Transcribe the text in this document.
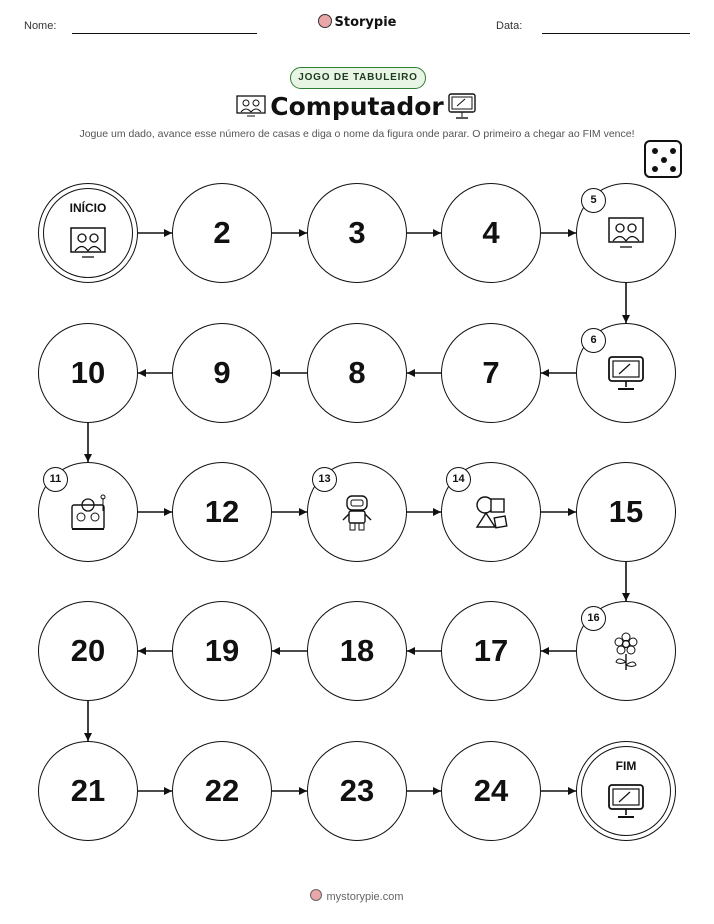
Nome:	Storypie	Data:
JOGO DE TABULEIRO
Computador
Jogue um dado, avance esse número de casas e diga o nome da figura onde parar. O primeiro a chegar ao FIM vence!
INÍCIO
2	3	4
5
10	9	8	7
6
11
12
13	14
15
20	19	18	17
16
21	22	23	24
FIM
mystorypie.com
